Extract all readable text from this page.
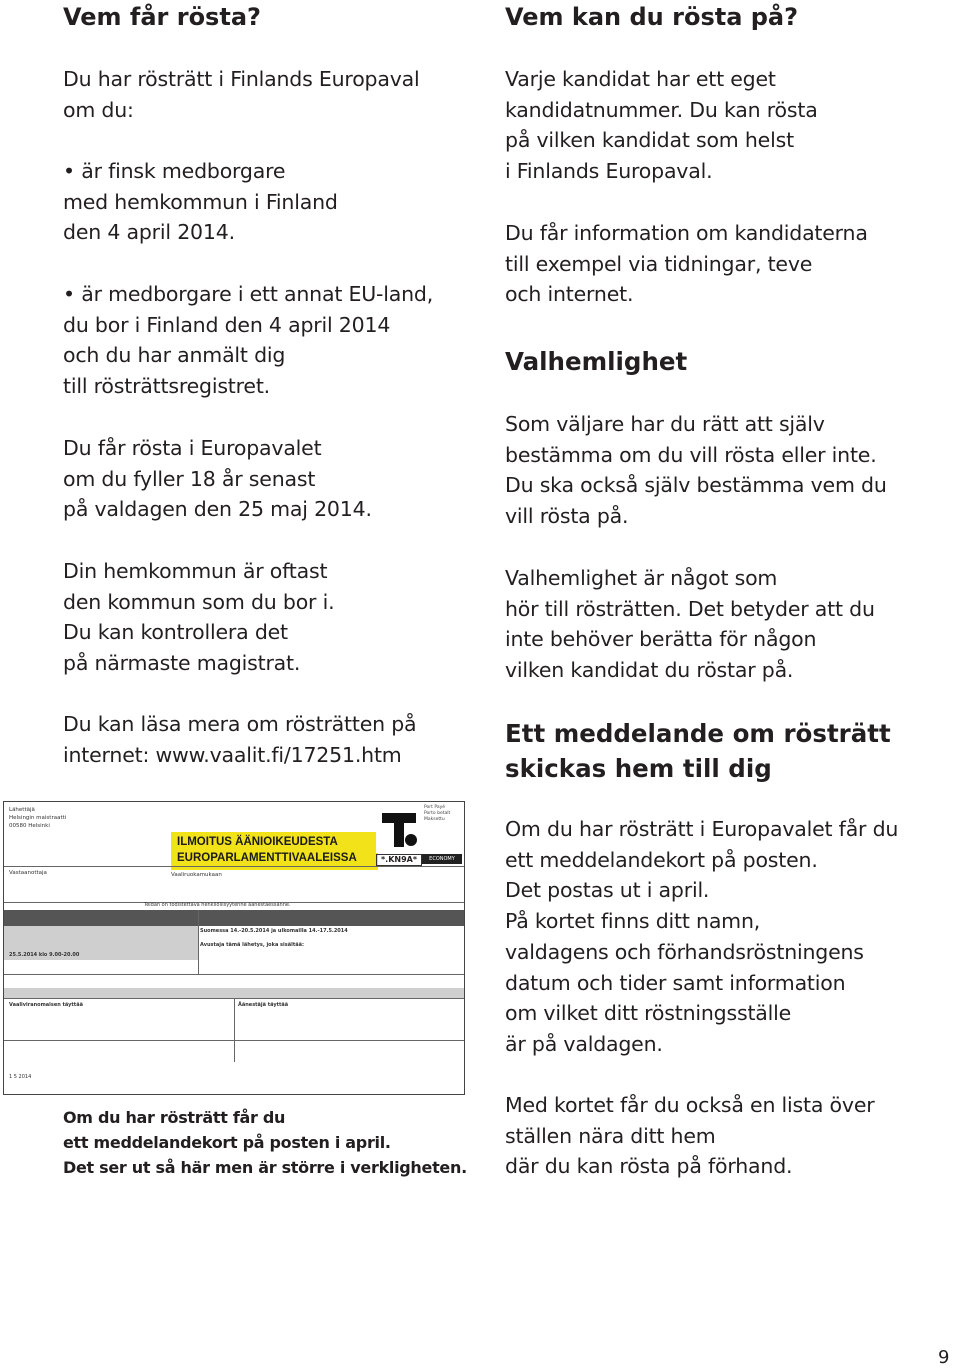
Vem får rösta?

Du har rösträtt i Finlands Europaval
om du:

• är finsk medborgare
med hemkommun i Finland
den 4 april 2014.

• är medborgare i ett annat EU-land,
du bor i Finland den 4 april 2014
och du har anmält dig
till rösträttsregistret.

Du får rösta i Europavalet
om du fyller 18 år senast
på valdagen den 25 maj 2014.

Din hemkommun är oftast
den kommun som du bor i.
Du kan kontrollera det
på närmaste magistrat.

Du kan läsa mera om rösträtten på
internet: www.vaalit.fi/17251.htm

Lähettäjä
Helsingin maistraatti
00580 Helsinki
ILMOITUS ÄÄNIOIKEUDESTA
EUROPARLAMENTTIVAALEISSA
Port Payé
Porto betalt
Maksettu
*.KN9A*	ECONOMY
Vastaanottaja	Vaaliruokamukaan
Teidän on todistettava henkilöllisyytenne äänestäessänne.
25.5.2014 klo 9.00-20.00
Suomessa 14.-20.5.2014 ja ulkomailla 14.-17.5.2014
Avustaja tämä lähetys, joka sisältää:
Vaaliviranomaisen täyttää	Äänestäjä täyttää
1 5 2014
Om du har rösträtt får du
ett meddelandekort på posten i april.
Det ser ut så här men är större i verkligheten.
Vem kan du rösta på?

Varje kandidat har ett eget
kandidatnummer. Du kan rösta
på vilken kandidat som helst
i Finlands Europaval.

Du får information om kandidaterna
till exempel via tidningar, teve
och internet.

Valhemlighet

Som väljare har du rätt att själv
bestämma om du vill rösta eller inte.
Du ska också själv bestämma vem du
vill rösta på.

Valhemlighet är något som
hör till rösträtten. Det betyder att du
inte behöver berätta för någon
vilken kandidat du röstar på.

Ett meddelande om rösträtt
skickas hem till dig

Om du har rösträtt i Europavalet får du
ett meddelandekort på posten.
Det postas ut i april.
På kortet finns ditt namn,
valdagens och förhandsröstningens
datum och tider samt information
om vilket ditt röstningsställe
är på valdagen.

Med kortet får du också en lista över
ställen nära ditt hem
där du kan rösta på förhand.

9
